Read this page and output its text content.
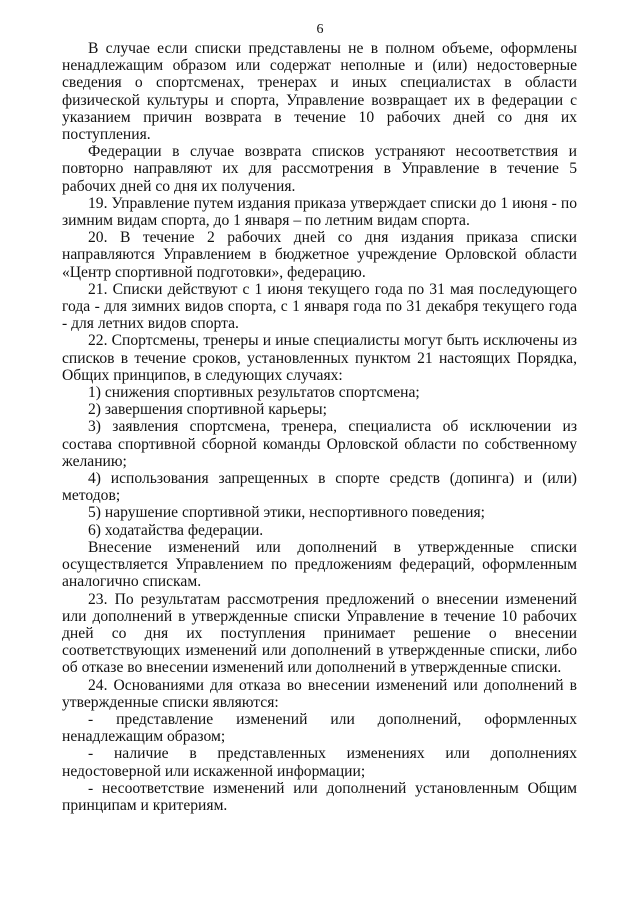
6

В случае если списки представлены не в полном объеме, оформлены ненадлежащим образом или содержат неполные и (или) недостоверные сведения о спортсменах, тренерах и иных специалистах в области физической культуры и спорта, Управление возвращает их в федерации с указанием причин возврата в течение 10 рабочих дней со дня их поступления.

Федерации в случае возврата списков устраняют несоответствия и повторно направляют их для рассмотрения в Управление в течение 5 рабочих дней со дня их получения.

19. Управление путем издания приказа утверждает списки до 1 июня - по зимним видам спорта, до 1 января – по летним видам спорта.

20. В течение 2 рабочих дней со дня издания приказа списки направляются Управлением в бюджетное учреждение Орловской области «Центр спортивной подготовки», федерацию.

21. Списки действуют с 1 июня текущего года по 31 мая последующего года - для зимних видов спорта, с 1 января года по 31 декабря текущего года - для летних видов спорта.

22. Спортсмены, тренеры и иные специалисты могут быть исключены из списков в течение сроков, установленных пунктом 21 настоящих Порядка, Общих принципов, в следующих случаях:

1) снижения спортивных результатов спортсмена;

2) завершения спортивной карьеры;

3) заявления спортсмена, тренера, специалиста об исключении из состава спортивной сборной команды Орловской области по собственному желанию;

4) использования запрещенных в спорте средств (допинга) и (или) методов;

5) нарушение спортивной этики, неспортивного поведения;

6) ходатайства федерации.

Внесение изменений или дополнений в утвержденные списки осуществляется Управлением по предложениям федераций, оформленным аналогично спискам.

23. По результатам рассмотрения предложений о внесении изменений или дополнений в утвержденные списки Управление в течение 10 рабочих дней со дня их поступления принимает решение о внесении соответствующих изменений или дополнений в утвержденные списки, либо об отказе во внесении изменений или дополнений в утвержденные списки.

24. Основаниями для отказа во внесении изменений или дополнений в утвержденные списки являются:

- представление изменений или дополнений, оформленных ненадлежащим образом;

- наличие в представленных изменениях или дополнениях недостоверной или искаженной информации;

- несоответствие изменений или дополнений установленным Общим принципам и критериям.
